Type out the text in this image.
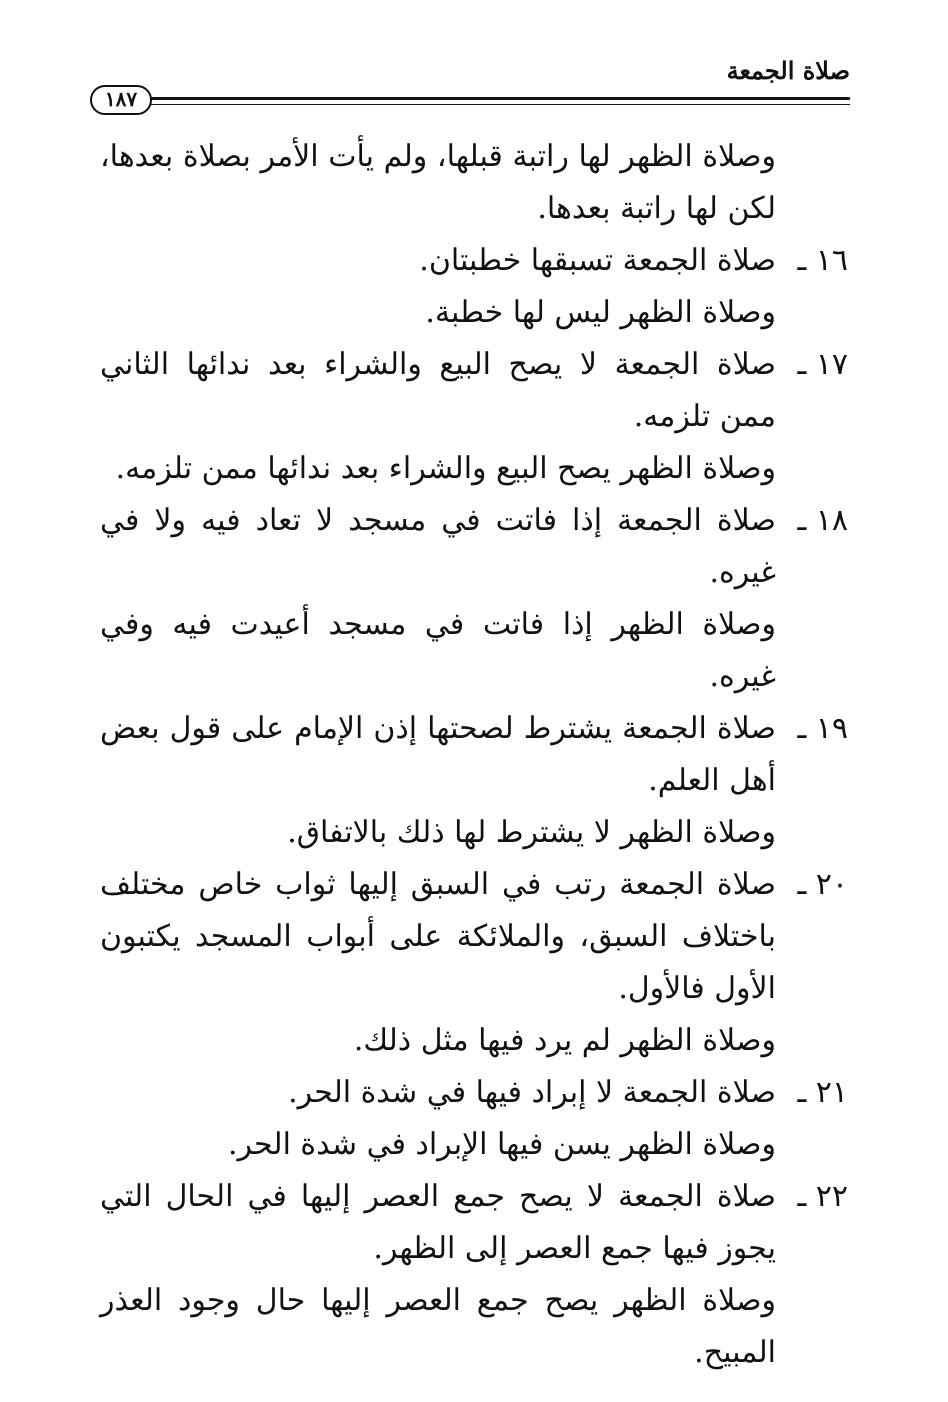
صلاة الجمعة
١٨٧
وصلاة الظهر لها راتبة قبلها، ولم يأت الأمر بصلاة بعدها، لكن لها راتبة بعدها.
١٦ ـصلاة الجمعة تسبقها خطبتان.
وصلاة الظهر ليس لها خطبة.
١٧ ـصلاة الجمعة لا يصح البيع والشراء بعد ندائها الثاني ممن تلزمه.
وصلاة الظهر يصح البيع والشراء بعد ندائها ممن تلزمه.
١٨ ـصلاة الجمعة إذا فاتت في مسجد لا تعاد فيه ولا في غيره.
وصلاة الظهر إذا فاتت في مسجد أعيدت فيه وفي غيره.
١٩ ـصلاة الجمعة يشترط لصحتها إذن الإمام على قول بعض أهل العلم.
وصلاة الظهر لا يشترط لها ذلك بالاتفاق.
٢٠ ـصلاة الجمعة رتب في السبق إليها ثواب خاص مختلف باختلاف السبق، والملائكة على أبواب المسجد يكتبون الأول فالأول.
وصلاة الظهر لم يرد فيها مثل ذلك.
٢١ ـصلاة الجمعة لا إبراد فيها في شدة الحر.
وصلاة الظهر يسن فيها الإبراد في شدة الحر.
٢٢ ـصلاة الجمعة لا يصح جمع العصر إليها في الحال التي يجوز فيها جمع العصر إلى الظهر.
وصلاة الظهر يصح جمع العصر إليها حال وجود العذر المبيح.
